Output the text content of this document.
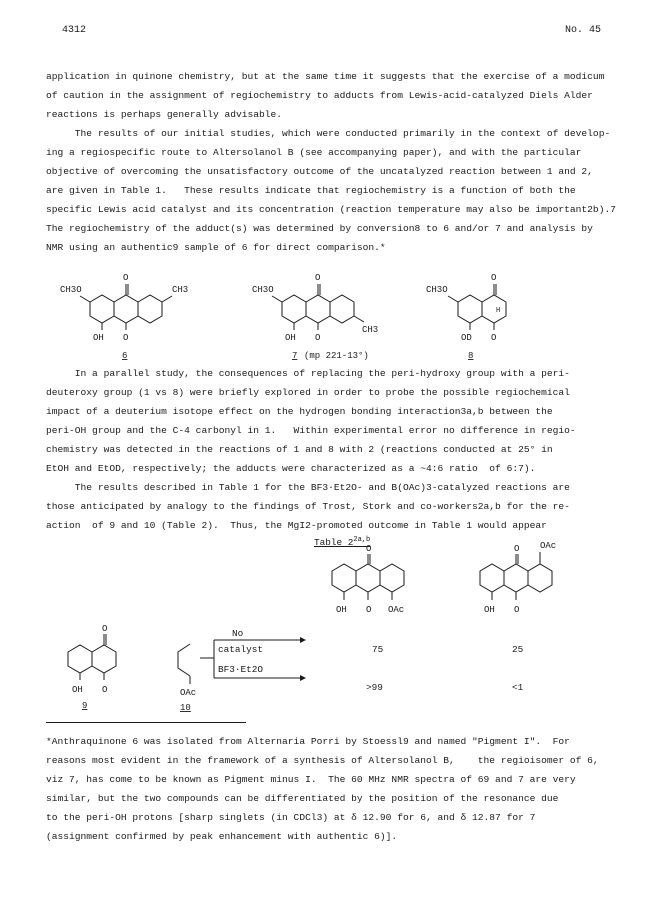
4312	No. 45
application in quinone chemistry, but at the same time it suggests that the exercise of a modicum
of caution in the assignment of regiochemistry to adducts from Lewis-acid-catalyzed Diels Alder
reactions is perhaps generally advisable.
The results of our initial studies, which were conducted primarily in the context of develop-
ing a regiospecific route to Altersolanol B (see accompanying paper), and with the particular
objective of overcoming the unsatisfactory outcome of the uncatalyzed reaction between 1 and 2,
are given in Table 1.   These results indicate that regiochemistry is a function of both the
specific Lewis acid catalyst and its concentration (reaction temperature may also be important2b).7
The regiochemistry of the adduct(s) was determined by conversion8 to 6 and/or 7 and analysis by
NMR using an authentic9 sample of 6 for direct comparison.*
O
CH3O	CH3
OH O
6
O
CH3O
CH3
OH O
7 (mp 221-13°)
O
CH3O
H
OD O
8
In a parallel study, the consequences of replacing the peri-hydroxy group with a peri-
deuteroxy group (1 vs 8) were briefly explored in order to probe the possible regiochemical
impact of a deuterium isotope effect on the hydrogen bonding interaction3a,b between the
peri-OH group and the C-4 carbonyl in 1.   Within experimental error no difference in regio-
chemistry was detected in the reactions of 1 and 8 with 2 (reactions conducted at 25° in
EtOH and EtOD, respectively; the adducts were characterized as a ~4:6 ratio  of 6:7).
The results described in Table 1 for the BF3·Et2O- and B(OAc)3-catalyzed reactions are
those anticipated by analogy to the findings of Trost, Stork and co-workers2a,b for the re-
action  of 9 and 10 (Table 2).  Thus, the MgI2-promoted outcome in Table 1 would appear
Table $2^{2a,b}$
O
OH O OAc
O OAc
OH O
O
OH O
9
OAc
10
No
catalyst
BF3·Et2O
75	25
>99	<1
*Anthraquinone 6 was isolated from Alternaria Porri by Stoessl9 and named "Pigment I".  For
reasons most evident in the framework of a synthesis of Altersolanol B,    the regioisomer of 6,
viz 7, has come to be known as Pigment minus I.  The 60 MHz NMR spectra of 69 and 7 are very
similar, but the two compounds can be differentiated by the position of the resonance due
to the peri-OH protons [sharp singlets (in CDCl3) at δ 12.90 for 6, and δ 12.87 for 7
(assignment confirmed by peak enhancement with authentic 6)].
